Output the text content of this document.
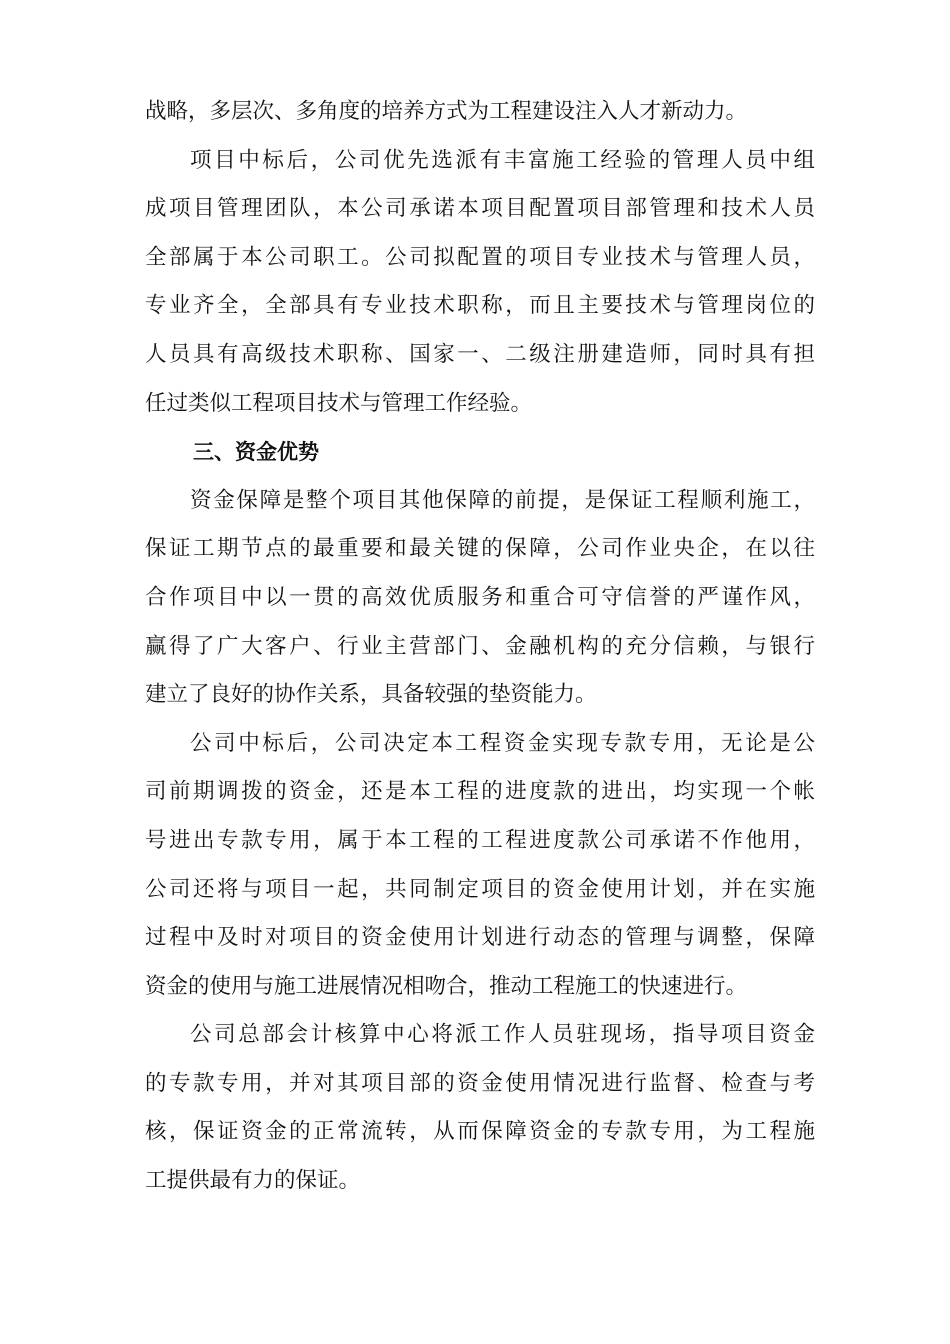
战略，多层次、多角度的培养方式为工程建设注入人才新动力。
项目中标后，公司优先选派有丰富施工经验的管理人员中组
成项目管理团队，本公司承诺本项目配置项目部管理和技术人员
全部属于本公司职工。公司拟配置的项目专业技术与管理人员，
专业齐全，全部具有专业技术职称，而且主要技术与管理岗位的
人员具有高级技术职称、国家一、二级注册建造师，同时具有担
任过类似工程项目技术与管理工作经验。
三、资金优势
资金保障是整个项目其他保障的前提，是保证工程顺利施工，
保证工期节点的最重要和最关键的保障，公司作业央企，在以往
合作项目中以一贯的高效优质服务和重合可守信誉的严谨作风，
赢得了广大客户、行业主营部门、金融机构的充分信赖，与银行
建立了良好的协作关系，具备较强的垫资能力。
公司中标后，公司决定本工程资金实现专款专用，无论是公
司前期调拨的资金，还是本工程的进度款的进出，均实现一个帐
号进出专款专用，属于本工程的工程进度款公司承诺不作他用，
公司还将与项目一起，共同制定项目的资金使用计划，并在实施
过程中及时对项目的资金使用计划进行动态的管理与调整，保障
资金的使用与施工进展情况相吻合，推动工程施工的快速进行。
公司总部会计核算中心将派工作人员驻现场，指导项目资金
的专款专用，并对其项目部的资金使用情况进行监督、检查与考
核，保证资金的正常流转，从而保障资金的专款专用，为工程施
工提供最有力的保证。
